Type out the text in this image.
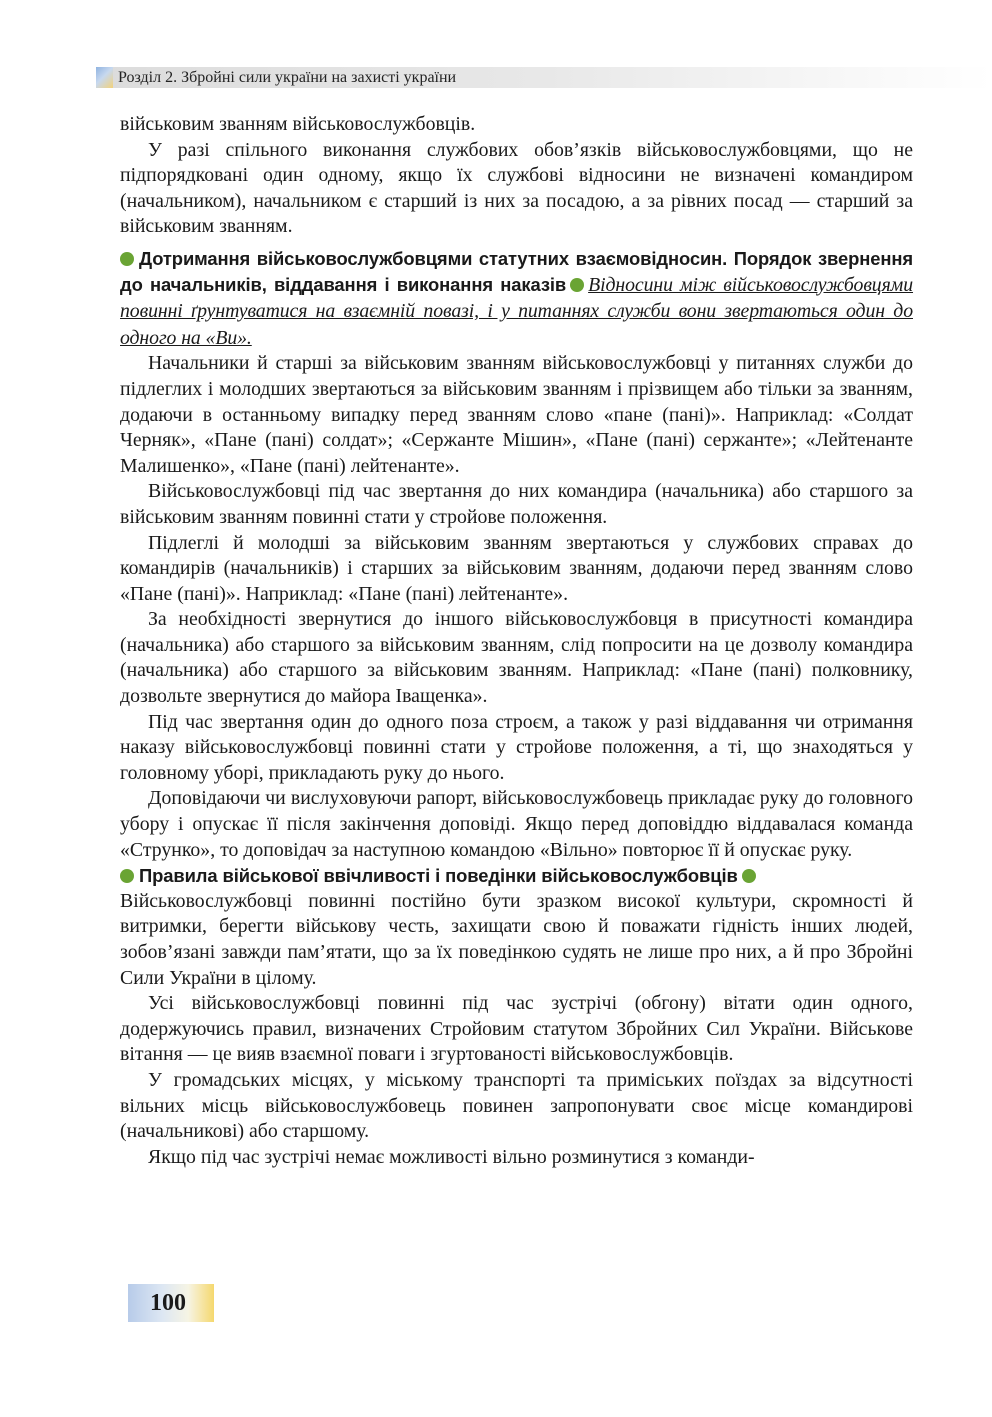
Розділ 2. Збройні сили україни на захисті україни

військовим званням військовослужбовців.

У разі спільного виконання службових обов’язків військовослужбовцями, що не підпорядковані один одному, якщо їх службові відносини не визначені командиром (начальником), начальником є старший із них за посадою, а за рівних посад — старший за військовим званням.

Дотримання військовослужбовцями статутних взаємовідносин. Порядок звернення до начальників, віддавання і виконання наказів Відносини між військовослужбовцями повинні ґрунтуватися на взаємній повазі, і у питаннях служби вони звертаються один до одного на «Ви».

Начальники й старші за військовим званням військовослужбовці у питаннях служби до підлеглих і молодших звертаються за військовим званням і прізвищем або тільки за званням, додаючи в останньому випадку перед званням слово «пане (пані)». Наприклад: «Солдат Черняк», «Пане (пані) солдат»; «Сержанте Мішин», «Пане (пані) сержанте»; «Лейтенанте Малишенко», «Пане (пані) лейтенанте».

Військовослужбовці під час звертання до них командира (начальника) або старшого за військовим званням повинні стати у стройове положення.

Підлеглі й молодші за військовим званням звертаються у службових справах до командирів (начальників) і старших за військовим званням, додаючи перед званням слово «Пане (пані)». Наприклад: «Пане (пані) лейтенанте».

За необхідності звернутися до іншого військовослужбовця в присутності командира (начальника) або старшого за військовим званням, слід попросити на це дозволу командира (начальника) або старшого за військовим званням. Наприклад: «Пане (пані) полковнику, дозвольте звернутися до майора Іващенка».

Під час звертання один до одного поза строєм, а також у разі віддавання чи отримання наказу військовослужбовці повинні стати у стройове положення, а ті, що знаходяться у головному уборі, прикладають руку до нього.

Доповідаючи чи вислуховуючи рапорт, військовослужбовець прикладає руку до головного убору і опускає її після закінчення доповіді. Якщо перед доповіддю віддавалася команда «Струнко», то доповідач за наступною командою «Вільно» повторює її й опускає руку.

Правила військової ввічливості і поведінки військовослужбовців

Військовослужбовці повинні постійно бути зразком високої культури, скромності й витримки, берегти військову честь, захищати свою й поважати гідність інших людей, зобов’язані завжди пам’ятати, що за їх поведінкою судять не лише про них, а й про Збройні Сили України в цілому.

Усі військовослужбовці повинні під час зустрічі (обгону) вітати один одного, додержуючись правил, визначених Стройовим статутом Збройних Сил України. Військове вітання — це вияв взаємної поваги і згуртованості військовослужбовців.

У громадських місцях, у міському транспорті та приміських поїздах за відсутності вільних місць військовослужбовець повинен запропонувати своє місце командирові (начальникові) або старшому.

Якщо під час зустрічі немає можливості вільно розминутися з команди-

100
